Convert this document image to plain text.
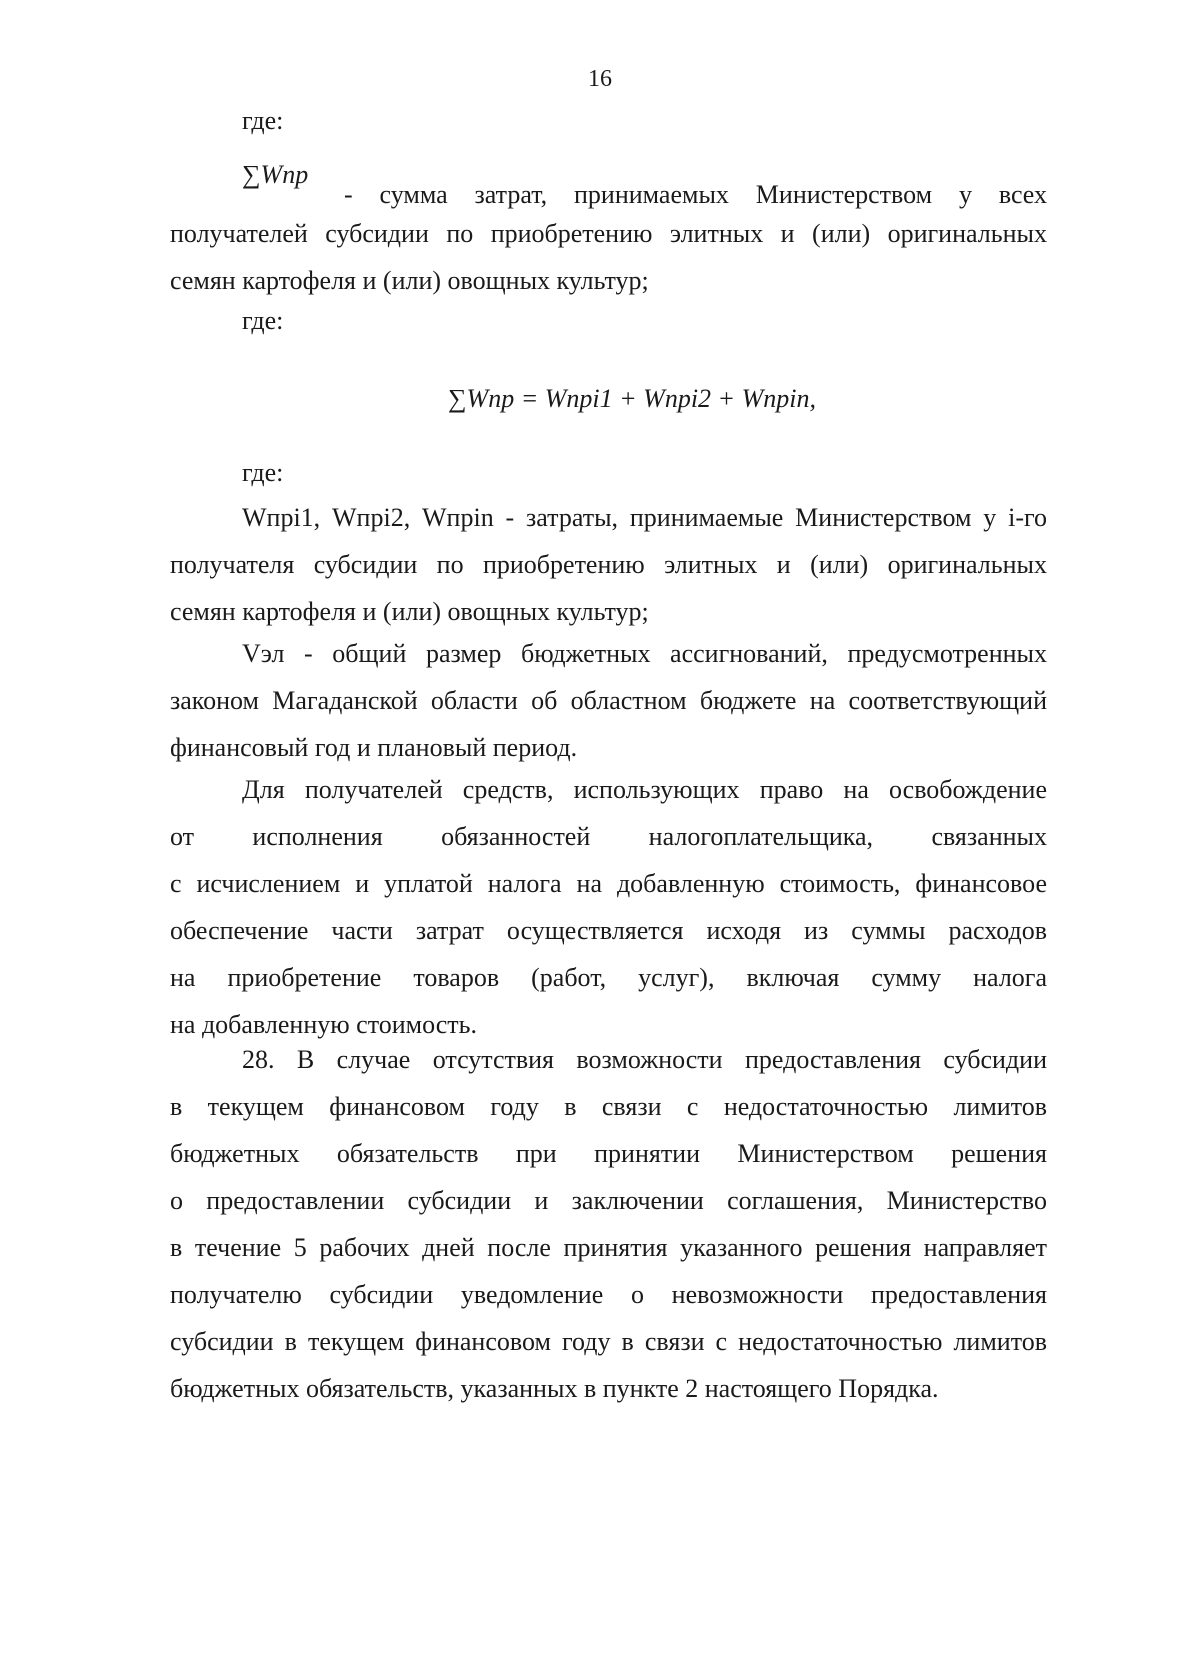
16
где:
∑Wпр
- сумма затрат, принимаемых Министерством у всех
получателей субсидии по приобретению элитных и (или) оригинальных
семян картофеля и (или) овощных культур;
где:
∑Wпр = Wпрі1 + Wпрі2 + Wпрin,
где:
Wпрі1, Wпрі2, Wпрin - затраты, принимаемые Министерством у i-го
получателя субсидии по приобретению элитных и (или) оригинальных
семян картофеля и (или) овощных культур;
Vэл - общий размер бюджетных ассигнований, предусмотренных
законом Магаданской области об областном бюджете на соответствующий
финансовый год и плановый период.
Для получателей средств, использующих право на освобождение
от исполнения обязанностей налогоплательщика, связанных
с исчислением и уплатой налога на добавленную стоимость, финансовое
обеспечение части затрат осуществляется исходя из суммы расходов
на приобретение товаров (работ, услуг), включая сумму налога
на добавленную стоимость.
28. В случае отсутствия возможности предоставления субсидии
в текущем финансовом году в связи с недостаточностью лимитов
бюджетных обязательств при принятии Министерством решения
о предоставлении субсидии и заключении соглашения, Министерство
в течение 5 рабочих дней после принятия указанного решения направляет
получателю субсидии уведомление о невозможности предоставления
субсидии в текущем финансовом году в связи с недостаточностью лимитов
бюджетных обязательств, указанных в пункте 2 настоящего Порядка.
